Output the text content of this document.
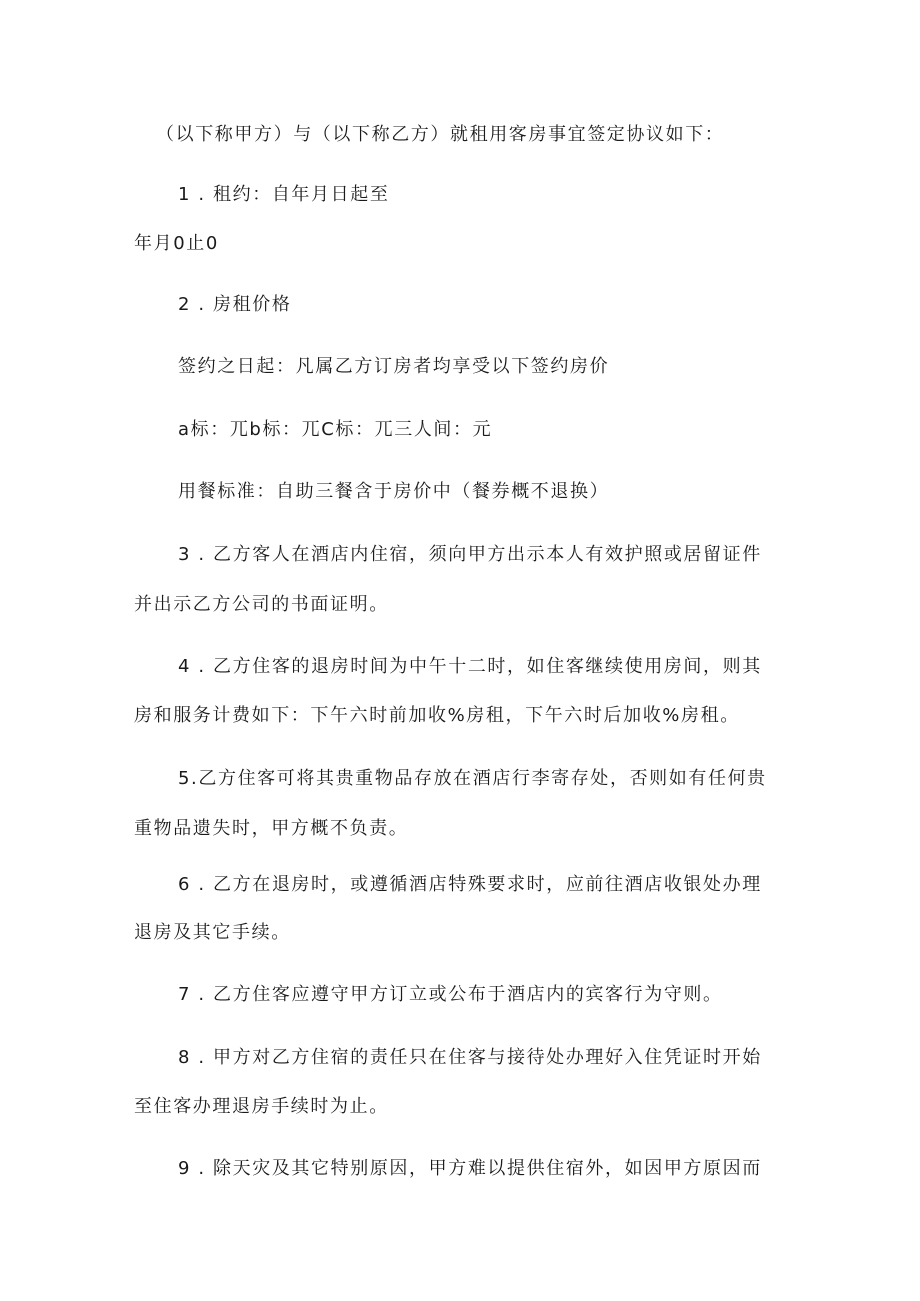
（以下称甲方）与（以下称乙方）就租用客房事宜签定协议如下：
1 . 租约：自年月日起至
年月0止0
2 . 房租价格
签约之日起：凡属乙方订房者均享受以下签约房价
a标：兀b标：兀C标：兀三人间：元
用餐标准：自助三餐含于房价中（餐券概不退换）
3 . 乙方客人在酒店内住宿，须向甲方出示本人有效护照或居留证件
并出示乙方公司的书面证明。
4 . 乙方住客的退房时间为中午十二时，如住客继续使用房间，则其
房和服务计费如下：下午六时前加收%房租，下午六时后加收%房租。
5.乙方住客可将其贵重物品存放在酒店行李寄存处，否则如有任何贵
重物品遗失时，甲方概不负责。
6 . 乙方在退房时，或遵循酒店特殊要求时，应前往酒店收银处办理
退房及其它手续。
7 . 乙方住客应遵守甲方订立或公布于酒店内的宾客行为守则。
8 . 甲方对乙方住宿的责任只在住客与接待处办理好入住凭证时开始
至住客办理退房手续时为止。
9 . 除天灾及其它特别原因，甲方难以提供住宿外，如因甲方原因而
